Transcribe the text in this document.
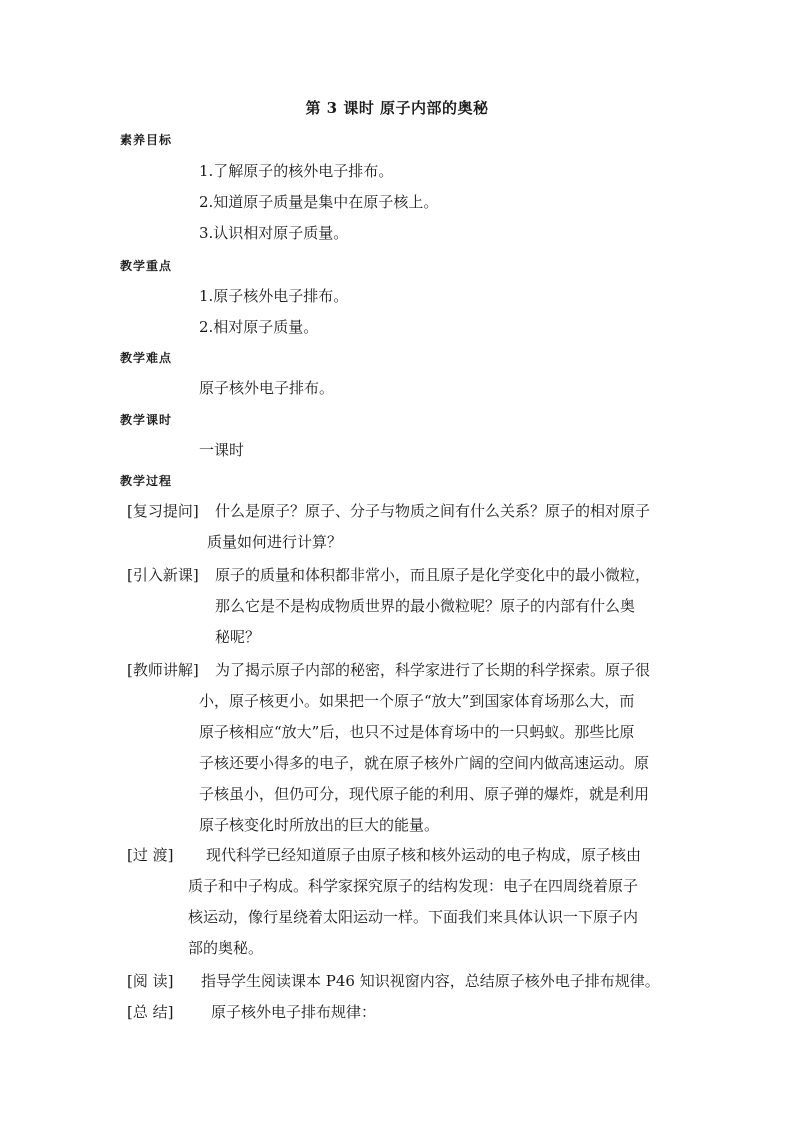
第 3 课时 原子内部的奥秘
素养目标
1.了解原子的核外电子排布。
2.知道原子质量是集中在原子核上。
3.认识相对原子质量。
教学重点
1.原子核外电子排布。
2.相对原子质量。
教学难点
原子核外电子排布。
教学课时
一课时
教学过程
[复习提问] 什么是原子？原子、分子与物质之间有什么关系？原子的相对原子
质量如何进行计算？
[引入新课] 原子的质量和体积都非常小，而且原子是化学变化中的最小微粒，
那么它是不是构成物质世界的最小微粒呢？原子的内部有什么奥
秘呢？
[教师讲解] 为了揭示原子内部的秘密，科学家进行了长期的科学探索。原子很
小，原子核更小。如果把一个原子“放大”到国家体育场那么大，而
原子核相应“放大”后，也只不过是体育场中的一只蚂蚁。那些比原
子核还要小得多的电子，就在原子核外广阔的空间内做高速运动。原
子核虽小，但仍可分，现代原子能的利用、原子弹的爆炸，就是利用
原子核变化时所放出的巨大的能量。
[过 渡] 现代科学已经知道原子由原子核和核外运动的电子构成，原子核由
质子和中子构成。科学家探究原子的结构发现：电子在四周绕着原子
核运动，像行星绕着太阳运动一样。下面我们来具体认识一下原子内
部的奥秘。
[阅 读] 指导学生阅读课本 P46 知识视窗内容，总结原子核外电子排布规律。
[总 结]	原子核外电子排布规律：
